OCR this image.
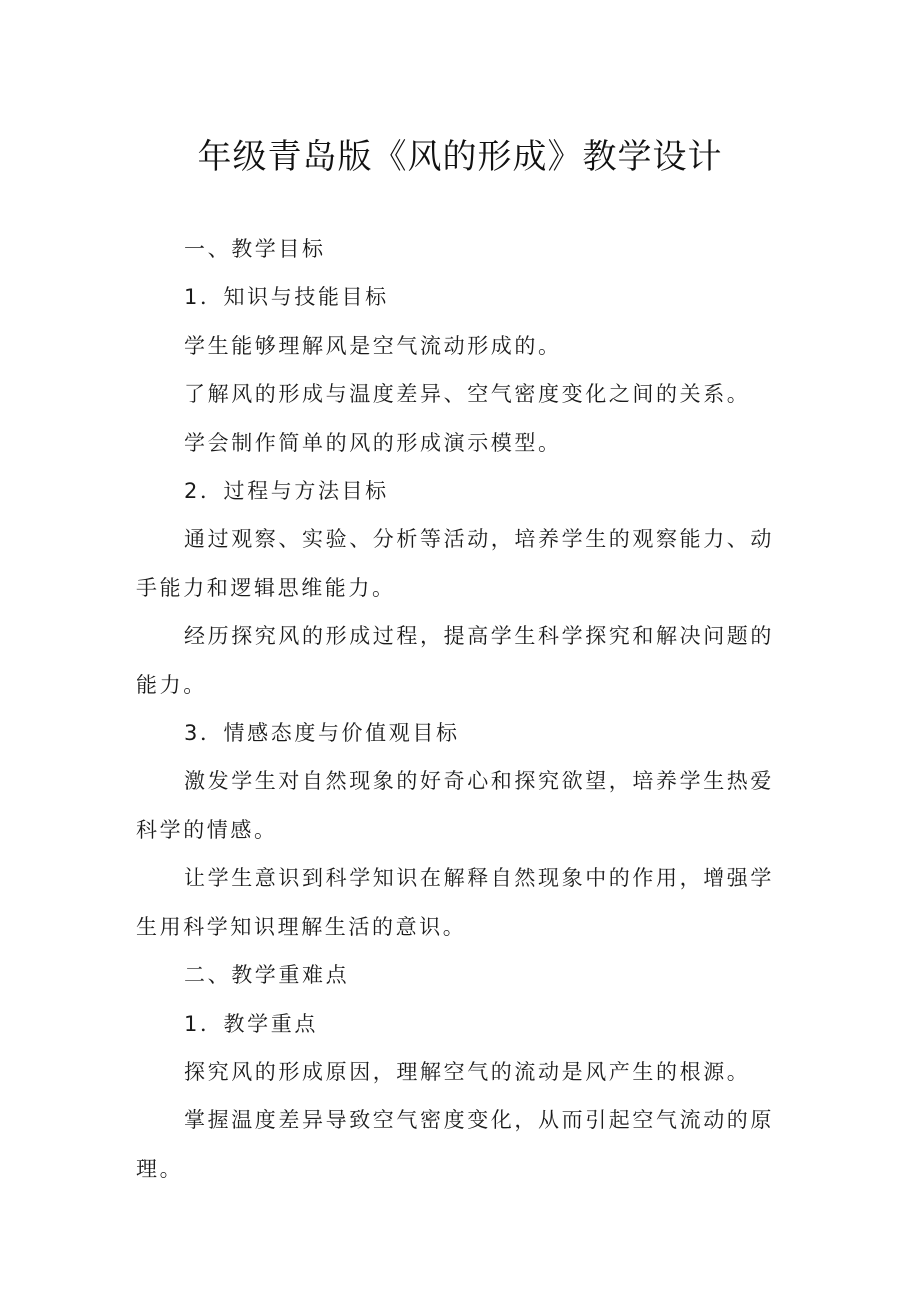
年级青岛版《风的形成》教学设计

一、教学目标

1．知识与技能目标

学生能够理解风是空气流动形成的。

了解风的形成与温度差异、空气密度变化之间的关系。

学会制作简单的风的形成演示模型。

2．过程与方法目标

通过观察、实验、分析等活动，培养学生的观察能力、动手能力和逻辑思维能力。

经历探究风的形成过程，提高学生科学探究和解决问题的能力。

3．情感态度与价值观目标

激发学生对自然现象的好奇心和探究欲望，培养学生热爱科学的情感。

让学生意识到科学知识在解释自然现象中的作用，增强学生用科学知识理解生活的意识。

二、教学重难点

1．教学重点

探究风的形成原因，理解空气的流动是风产生的根源。

掌握温度差异导致空气密度变化，从而引起空气流动的原理。
